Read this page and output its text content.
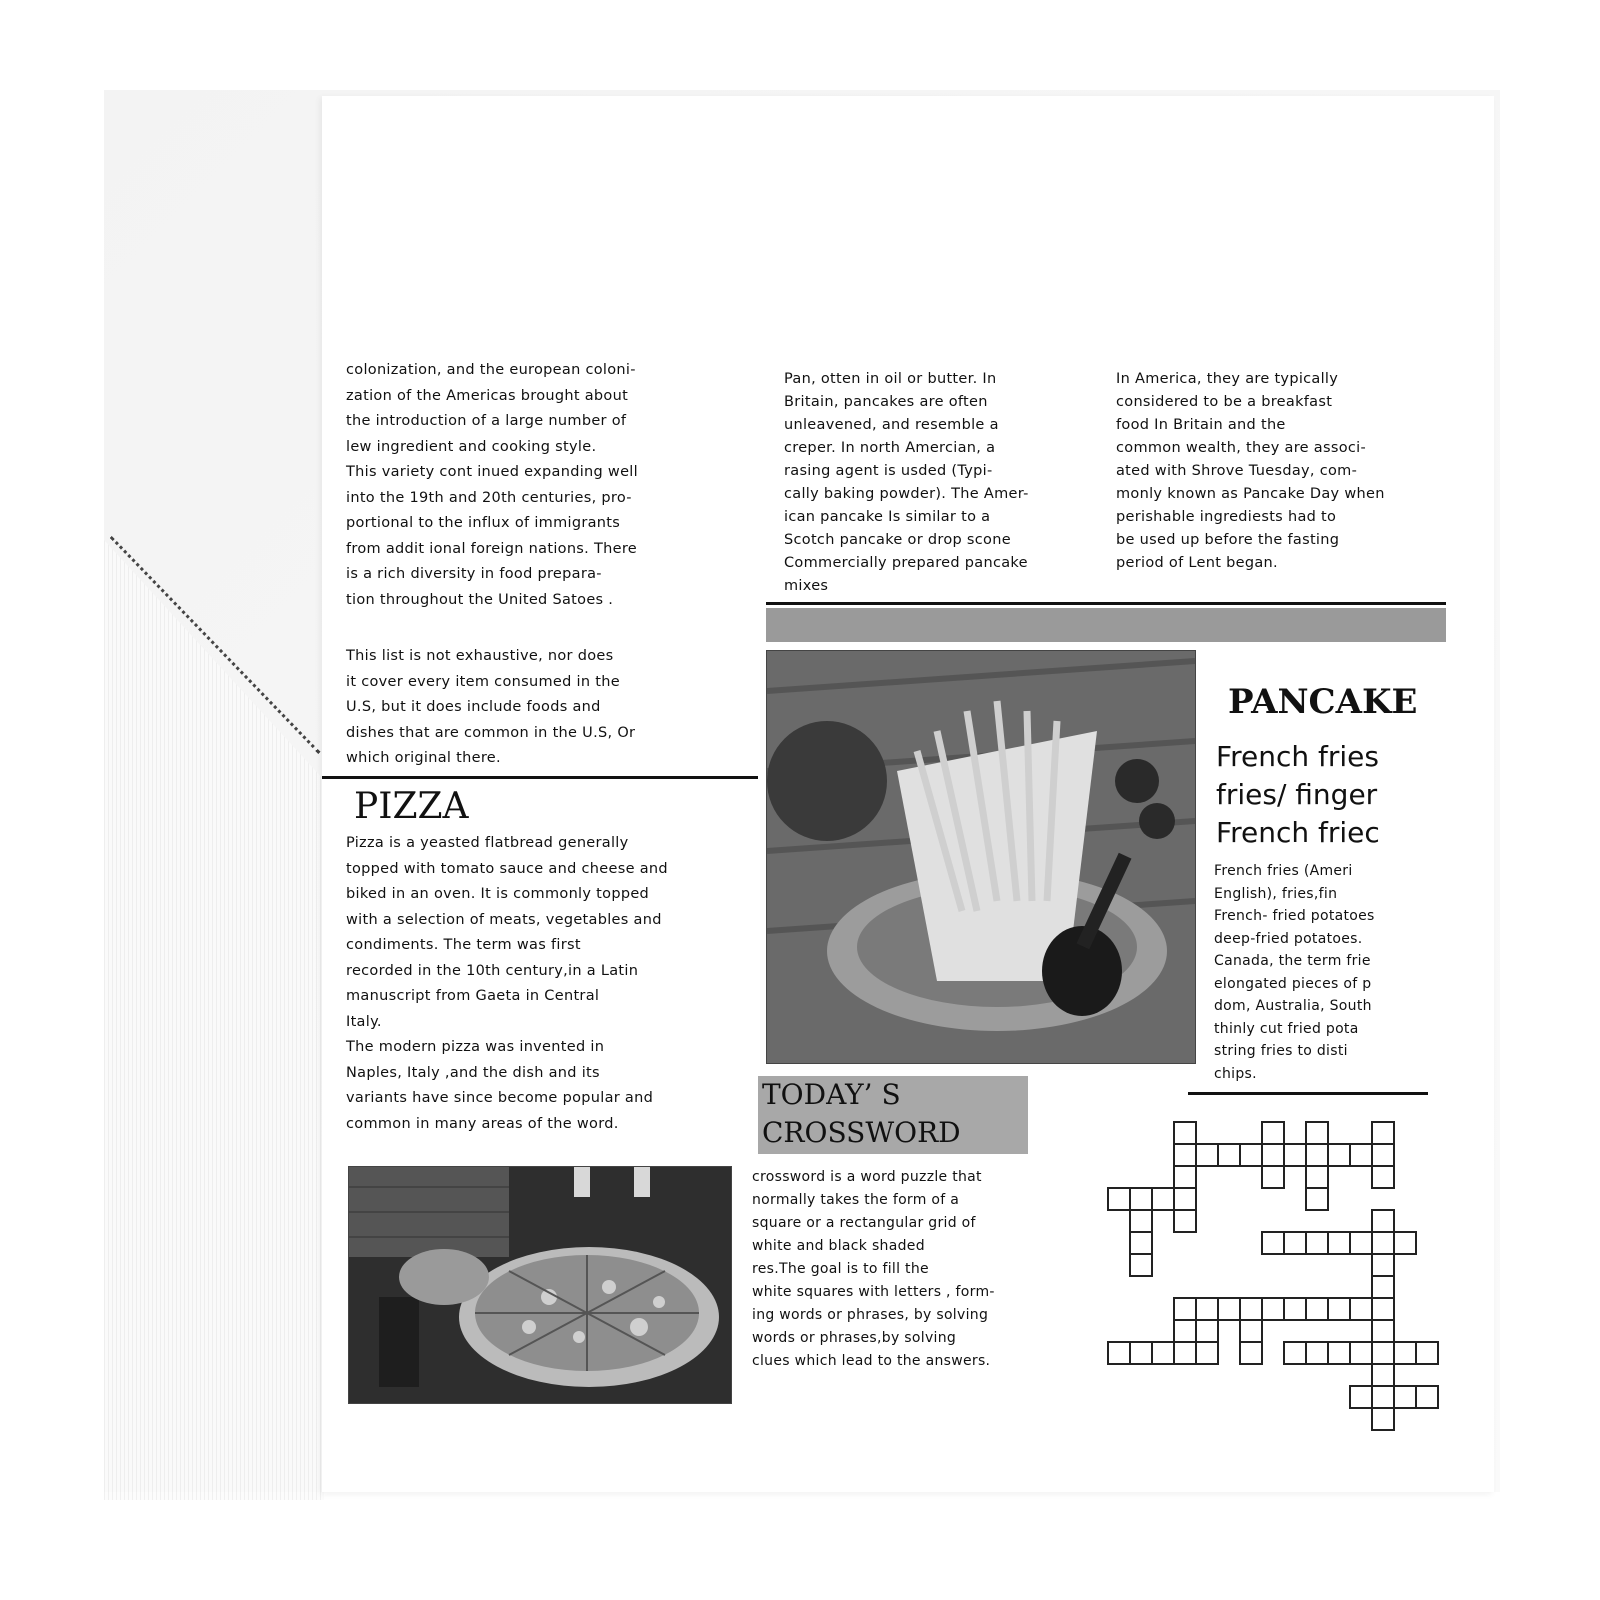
colonization, and the european coloni-
zation of the Americas brought about
the introduction of a large number of
lew ingredient and cooking style.
This variety cont inued expanding well
into the 19th and 20th centuries, pro-
portional to the influx of immigrants
from addit ional foreign nations. There
is a rich diversity in food prepara-
tion throughout the United Satoes .
This list is not exhaustive, nor does
it cover every item consumed in the
U.S, but it does include foods and
dishes that are common in the U.S, Or
which original there.
Pan, otten in oil or butter. In
Britain, pancakes are often
unleavened, and resemble a
creper. In north Amercian, a
rasing agent is usded (Typi-
cally baking powder). The Amer-
ican pancake Is similar to a
Scotch pancake or drop scone
Commercially prepared pancake
mixes
In America, they are typically
considered to be a breakfast
food In Britain and the
common wealth, they are associ-
ated with Shrove Tuesday, com-
monly known as Pancake Day when
perishable ingrediests had to
be used up before the fasting
period of Lent began.
PIZZA
Pizza is a yeasted flatbread generally
topped with tomato sauce and cheese and
biked in an oven. It is commonly topped
with a selection of meats, vegetables and
condiments. The term was first
recorded in the 10th century,in a Latin
manuscript from Gaeta in Central
Italy.
The modern pizza was invented in
Naples, Italy ,and the dish and its
variants have since become popular and
common in many areas of the word.
PANCAKE
French fries
fries/ finger
French friec
French fries (Ameri
English), fries,fin
French- fried potatoes
deep-fried potatoes.
Canada, the term frie
elongated pieces of p
dom, Australia, South
thinly cut fried pota
string fries to disti
chips.
TODAY’ S
CROSSWORD
crossword is a word puzzle that
normally takes the form of a
square or a rectangular grid of
white and black shaded
res.The goal is to fill the
white squares with letters , form-
ing words or phrases, by solving
words or phrases,by solving
clues which lead to the answers.
